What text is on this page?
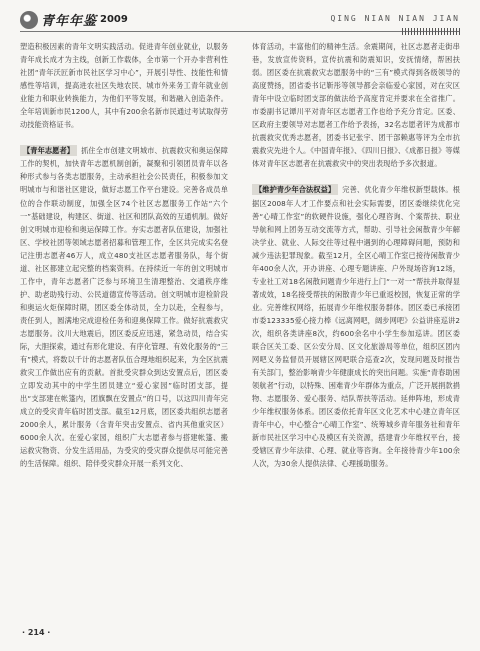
青年年鉴 2009	QING NIAN NIAN JIAN

塑造积极因素的青年文明实践活动。促进青年创业就业，以服务青年成长成才为主线，创新工作载体，全市第一个开办非营利性社团“青年沃匠新市民社区学习中心”，开展引导性、技能性和情感性等培训，提高进农社区失地农民、城市外来务工青年就业创业能力和职业转换能力，为他们平等发展，和谐融入创造条件。全年培训新市民1200人，其中有200余名新市民通过考试取得劳动技能资格证书。

【青年志愿者】 抓住全市创建文明城市、抗震救灾和奥运保障工作的契机，加快青年志愿机制创新，凝聚和引领团员青年以各种形式参与各类志愿服务，主动承担社会公民责任，积极参加文明城市与和谐社区建设，做好志愿工作平台建设。完善各成员单位的合作联动制度，加强全区74个社区志愿服务工作站“六个一”基础建设，构建区、街道、社区和团队高效的互通机制。做好创文明城市迎检和奥运保障工作。夯实志愿者队伍建设，加强社区、学校社团等领域志愿者招募和管理工作，全区共完成实名登记注册志愿者46万人，成立480支社区志愿者服务队，每个街道、社区都建立起完整的档案资料。在持续近一年的创文明城市工作中，青年志愿者广泛参与环境卫生清理整治、交通秩序维护、助老助残行动、公民道德宣传等活动。创文明城市迎检阶段和奥运火炬保障时期，团区委全体动员，全力以赴，全程参与，责任到人，圆满地完成迎检任务和迎奥保障工作。做好抗震救灾志愿服务。汶川大地震后，团区委反应迅速，紧急动员，结合实际，大胆探索，通过有形化建设、有序化管理、有效化服务的“三有”模式，将数以千计的志愿者队伍合理地组织起来，为全区抗震救灾工作做出应有的贡献。首批受灾群众到达安置点后，团区委立即发动其中的中学生团员建立“爱心家园”临时团支部，提出“支部建在帐篷内，团旗飘在安置点”的口号，以这四川青年完成立的受灾青年临时团支部。截至12月底，团区委共组织志愿者2000余人，累计服务（含青年突击安置点、省内其他重灾区）6000余人次。在爱心家园，组织广大志愿者参与搭建帐篷、搬运救灾物资、分发生活用品，为受灾的受灾群众提供尽可能完善的生活保障。组织、陪伴受灾群众开展一系列文化、

体育活动，丰富他们的精神生活。余震期间，社区志愿者走街串巷，发放宣传资料，宣传抗震和防震知识，安抚情绪，帮困扶弱。团区委在抗震救灾志愿服务中的“三有”模式得到各级领导的高度赞扬，团省委书记靳彤等领导都会亲临爱心家园，对在灾区青年中设立临时团支部的做法给予高度肯定并要求在全省推广。市委副书记谭川平对青年区志愿者工作也给予充分肯定。区委、区政府主要领导对志愿者工作给予表扬，32名志愿者评为成都市抗震救灾优秀志愿者，团委书记张宇、团干部赖惠等评为全市抗震救灾先进个人。《中国青年报》、《四川日报》、《成都日报》等媒体对青年区志愿者在抗震救灾中的突出表现给予多次报道。

【维护青少年合法权益】 完善、优化青少年维权新型载体。根据区2008年人才工作要点和社会实际需要，团区委继续优化完善“心晴工作室”的软硬件设施，强化心理咨询、个案帮扶、职业导航和网上团务互动交流等方式，帮助、引导社会闲散青少年解决学业、就业、人际交往等过程中遇到的心理障碍问题，预防和减少违法犯罪现象。截至12月，全区心晴工作室已接待闲散青少年400余人次，开办讲座、心理专题讲座、户外现场咨询12场，专业社工对18名闲散问题青少年进行上门“一对一”帮扶并取得显著成效，18名接受帮扶的闲散青少年已重返校园，恢复正常的学业。完善维权网络，拓展青少年维权服务群体。团区委已承接团市委123335爱心接力棒《远离网吧，阔步网吧》公益讲座巡讲2次，组织各类讲座8次，约600余名中小学生参加巡讲。团区委联合区关工委、区公安分局、区文化旅游局等单位，组织区团内网吧义务监督员开展辖区网吧联合巡查2次，发现问题及时报告有关部门，整治影响青少年健康成长的突出问题。实施“青春助困领航者”行动，以特殊、困难青少年群体为重点，广泛开展捐款捐物、志愿服务、爱心服务、结队帮扶等活动。延伸阵地，形成青少年维权服务体系。团区委依托青年区文化艺术中心建立青年区青年中心，中心整合“心晴工作室”、统筹城乡青年服务社和青年新市民社区学习中心及模区有关资源，搭建青少年维权平台，接受辖区青少年法律、心理、就业等咨询。全年接待青少年100余人次，为30余人提供法律、心理援助服务。

· 214 ·
